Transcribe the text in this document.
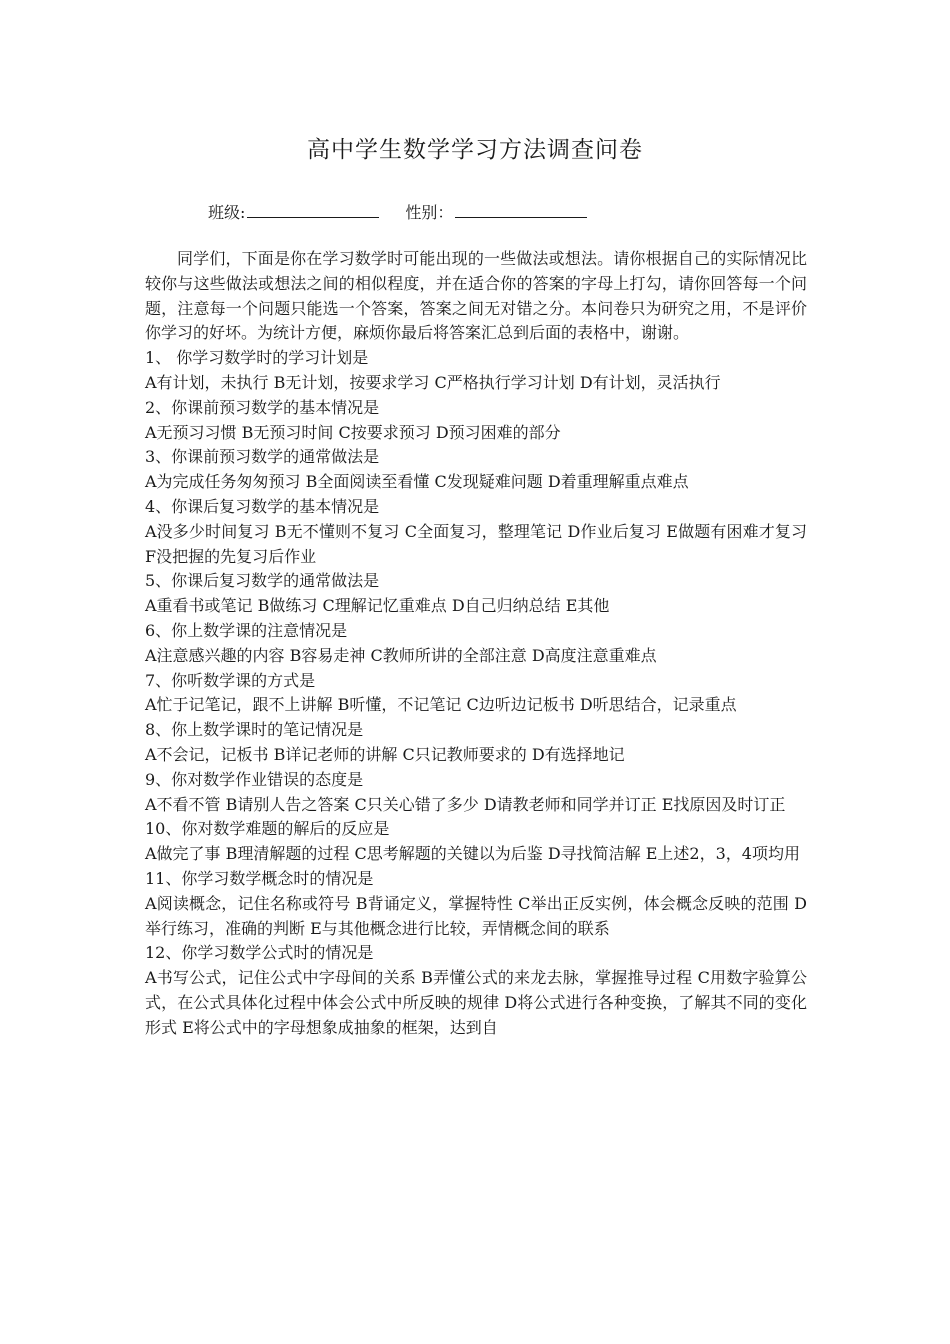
高中学生数学学习方法调查问卷
班级:	性别：

同学们，下面是你在学习数学时可能出现的一些做法或想法。请你根据自己的实际情况比较你与这些做法或想法之间的相似程度，并在适合你的答案的字母上打勾，请你回答每一个问题，注意每一个问题只能选一个答案，答案之间无对错之分。本问卷只为研究之用，不是评价你学习的好坏。为统计方便，麻烦你最后将答案汇总到后面的表格中，谢谢。

1、 你学习数学时的学习计划是

A有计划，未执行 B无计划，按要求学习 C严格执行学习计划 D有计划，灵活执行

2、你课前预习数学的基本情况是

A无预习习惯 B无预习时间 C按要求预习 D预习困难的部分

3、你课前预习数学的通常做法是

A为完成任务匆匆预习 B全面阅读至看懂 C发现疑难问题 D着重理解重点难点

4、你课后复习数学的基本情况是

A没多少时间复习 B无不懂则不复习 C全面复习，整理笔记 D作业后复习 E做题有困难才复习 F没把握的先复习后作业

5、你课后复习数学的通常做法是

A重看书或笔记 B做练习 C理解记忆重难点 D自己归纳总结 E其他

6、你上数学课的注意情况是

A注意感兴趣的内容 B容易走神 C教师所讲的全部注意 D高度注意重难点

7、你听数学课的方式是

A忙于记笔记，跟不上讲解 B听懂，不记笔记 C边听边记板书 D听思结合，记录重点

8、你上数学课时的笔记情况是

A不会记，记板书 B详记老师的讲解 C只记教师要求的 D有选择地记

9、你对数学作业错误的态度是

A不看不管 B请别人告之答案 C只关心错了多少 D请教老师和同学并订正 E找原因及时订正

10、你对数学难题的解后的反应是

A做完了事 B理清解题的过程 C思考解题的关键以为后鉴 D寻找简洁解 E上述2，3，4项均用

11、你学习数学概念时的情况是

A阅读概念，记住名称或符号 B背诵定义，掌握特性 C举出正反实例，体会概念反映的范围 D举行练习，准确的判断 E与其他概念进行比较，弄情概念间的联系

12、你学习数学公式时的情况是

A书写公式，记住公式中字母间的关系 B弄懂公式的来龙去脉，掌握推导过程 C用数字验算公式，在公式具体化过程中体会公式中所反映的规律 D将公式进行各种变换，了解其不同的变化形式 E将公式中的字母想象成抽象的框架，达到自
